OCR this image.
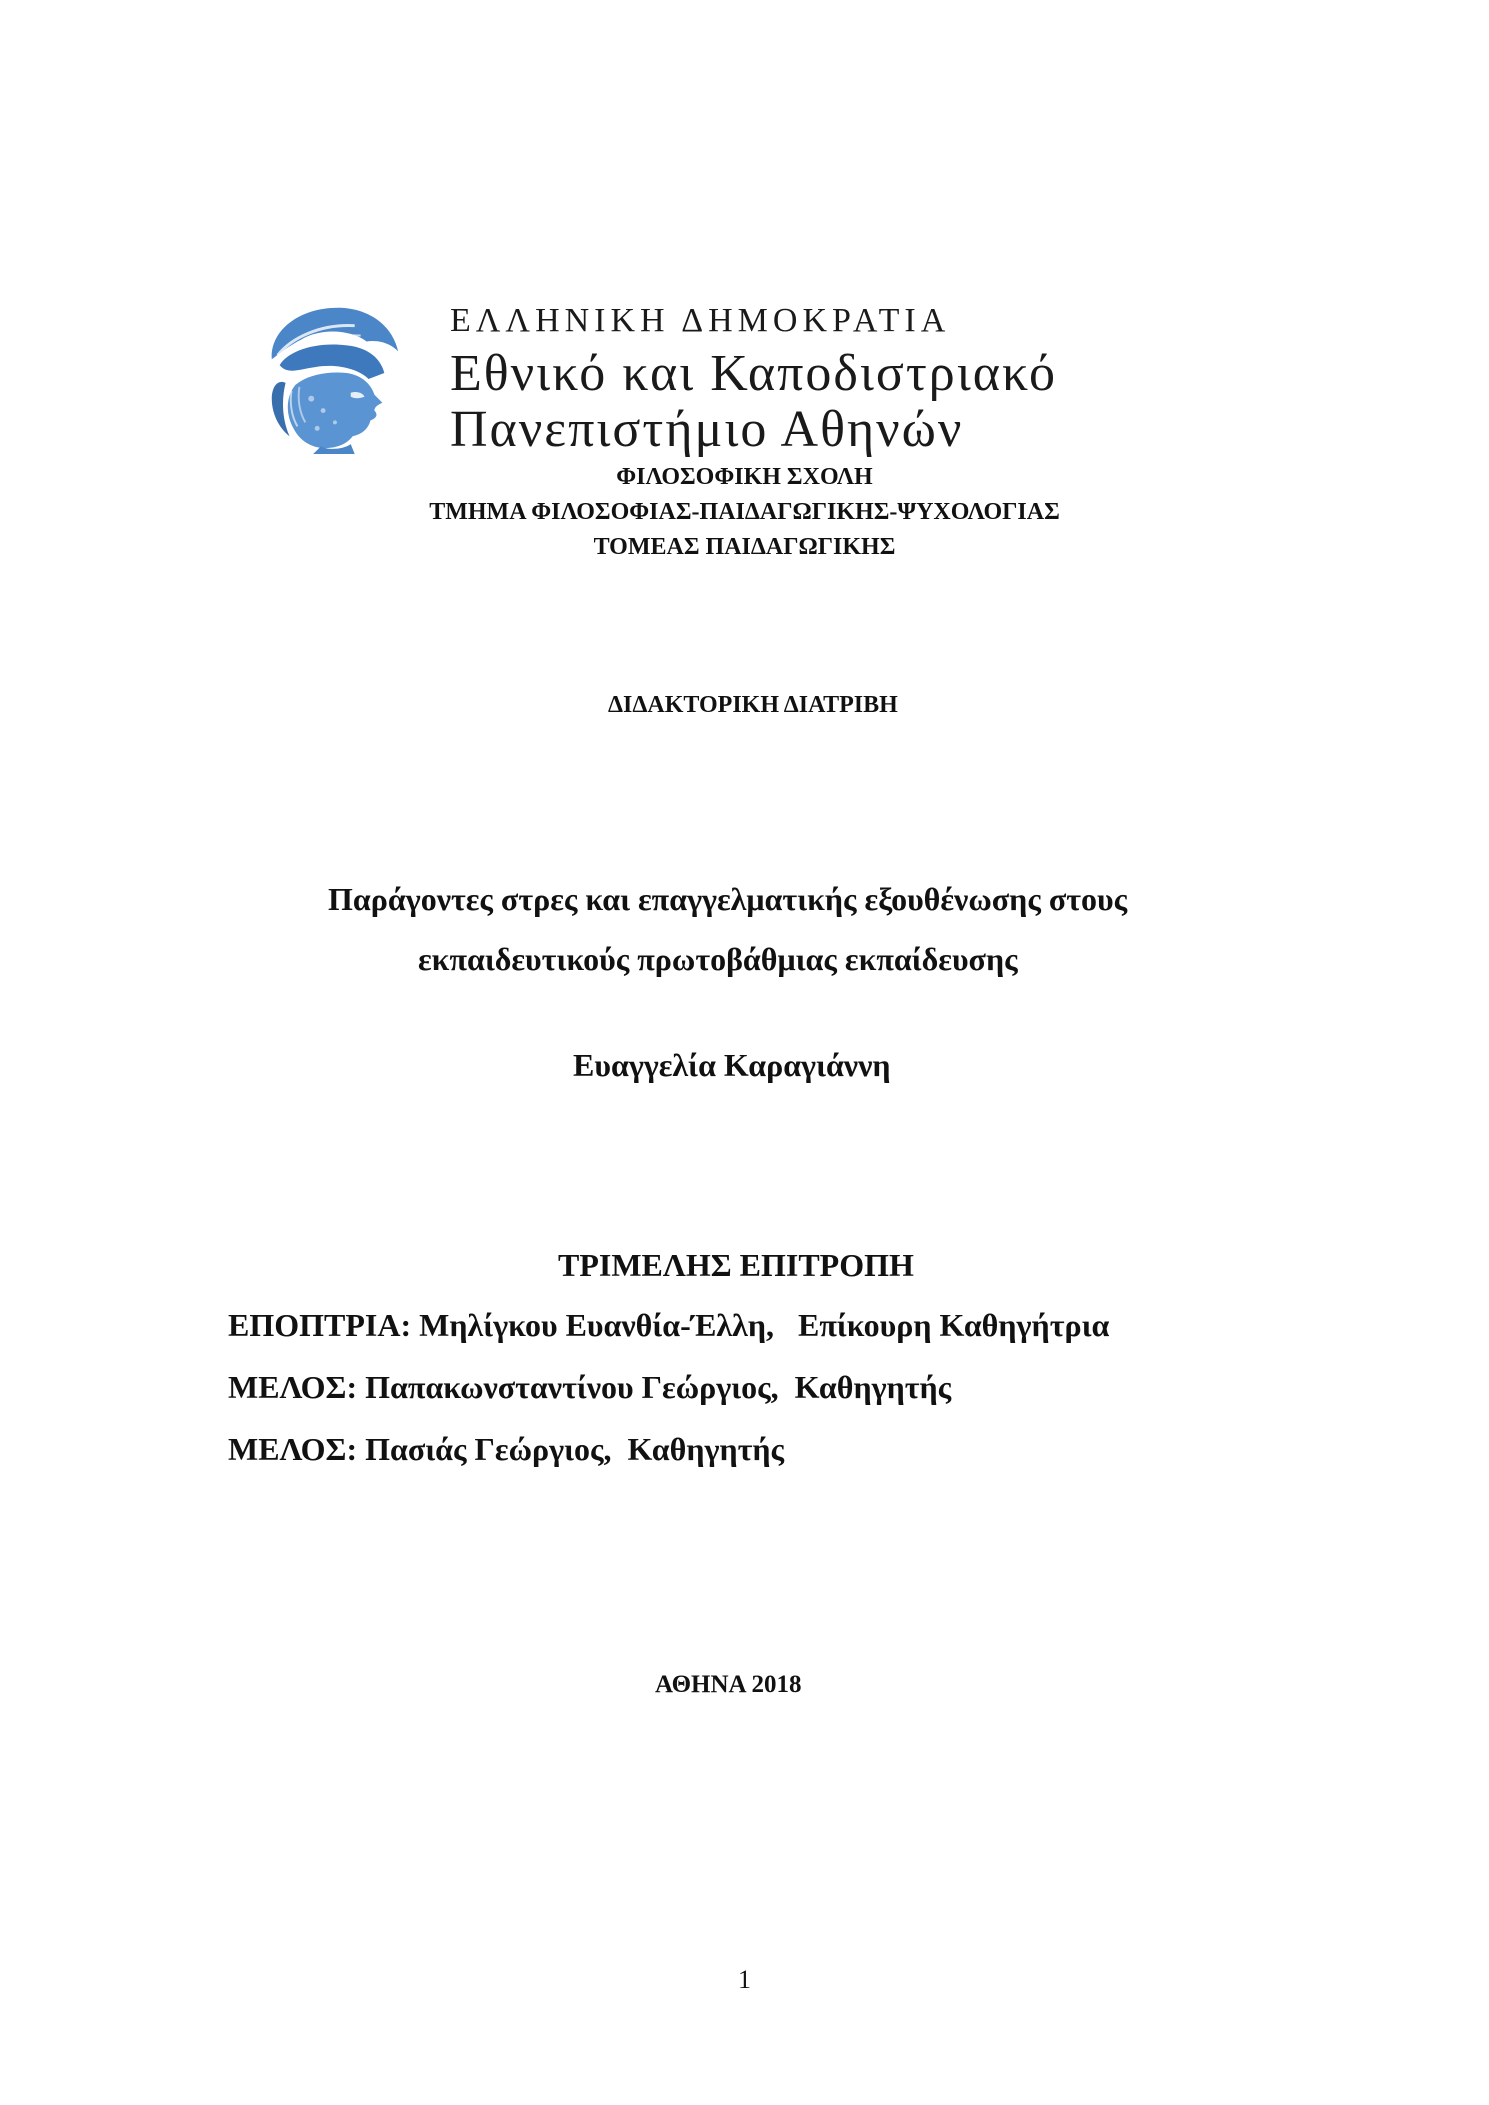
ΕΛΛΗΝΙΚΗ ΔΗΜΟΚΡΑΤΙΑ
Εθνικό και Καποδιστριακό
Πανεπιστήμιο Αθηνών
ΦΙΛΟΣΟΦΙΚΗ ΣΧΟΛΗ
ΤΜΗΜΑ ΦΙΛΟΣΟΦΙΑΣ-ΠΑΙΔΑΓΩΓΙΚΗΣ-ΨΥΧΟΛΟΓΙΑΣ
ΤΟΜΕΑΣ ΠΑΙΔΑΓΩΓΙΚΗΣ
ΔΙΔΑΚΤΟΡΙΚΗ ΔΙΑΤΡΙΒΗ
Παράγοντες στρες και επαγγελματικής εξουθένωσης στους
εκπαιδευτικούς πρωτοβάθμιας εκπαίδευσης
Ευαγγελία Καραγιάννη
ΤΡΙΜΕΛΗΣ ΕΠΙΤΡΟΠΗ
ΕΠΟΠΤΡΙΑ: Μηλίγκου Ευανθία-Έλλη,   Επίκουρη Καθηγήτρια
ΜΕΛΟΣ: Παπακωνσταντίνου Γεώργιος,  Καθηγητής
ΜΕΛΟΣ: Πασιάς Γεώργιος,  Καθηγητής
ΑΘΗΝΑ 2018
1
